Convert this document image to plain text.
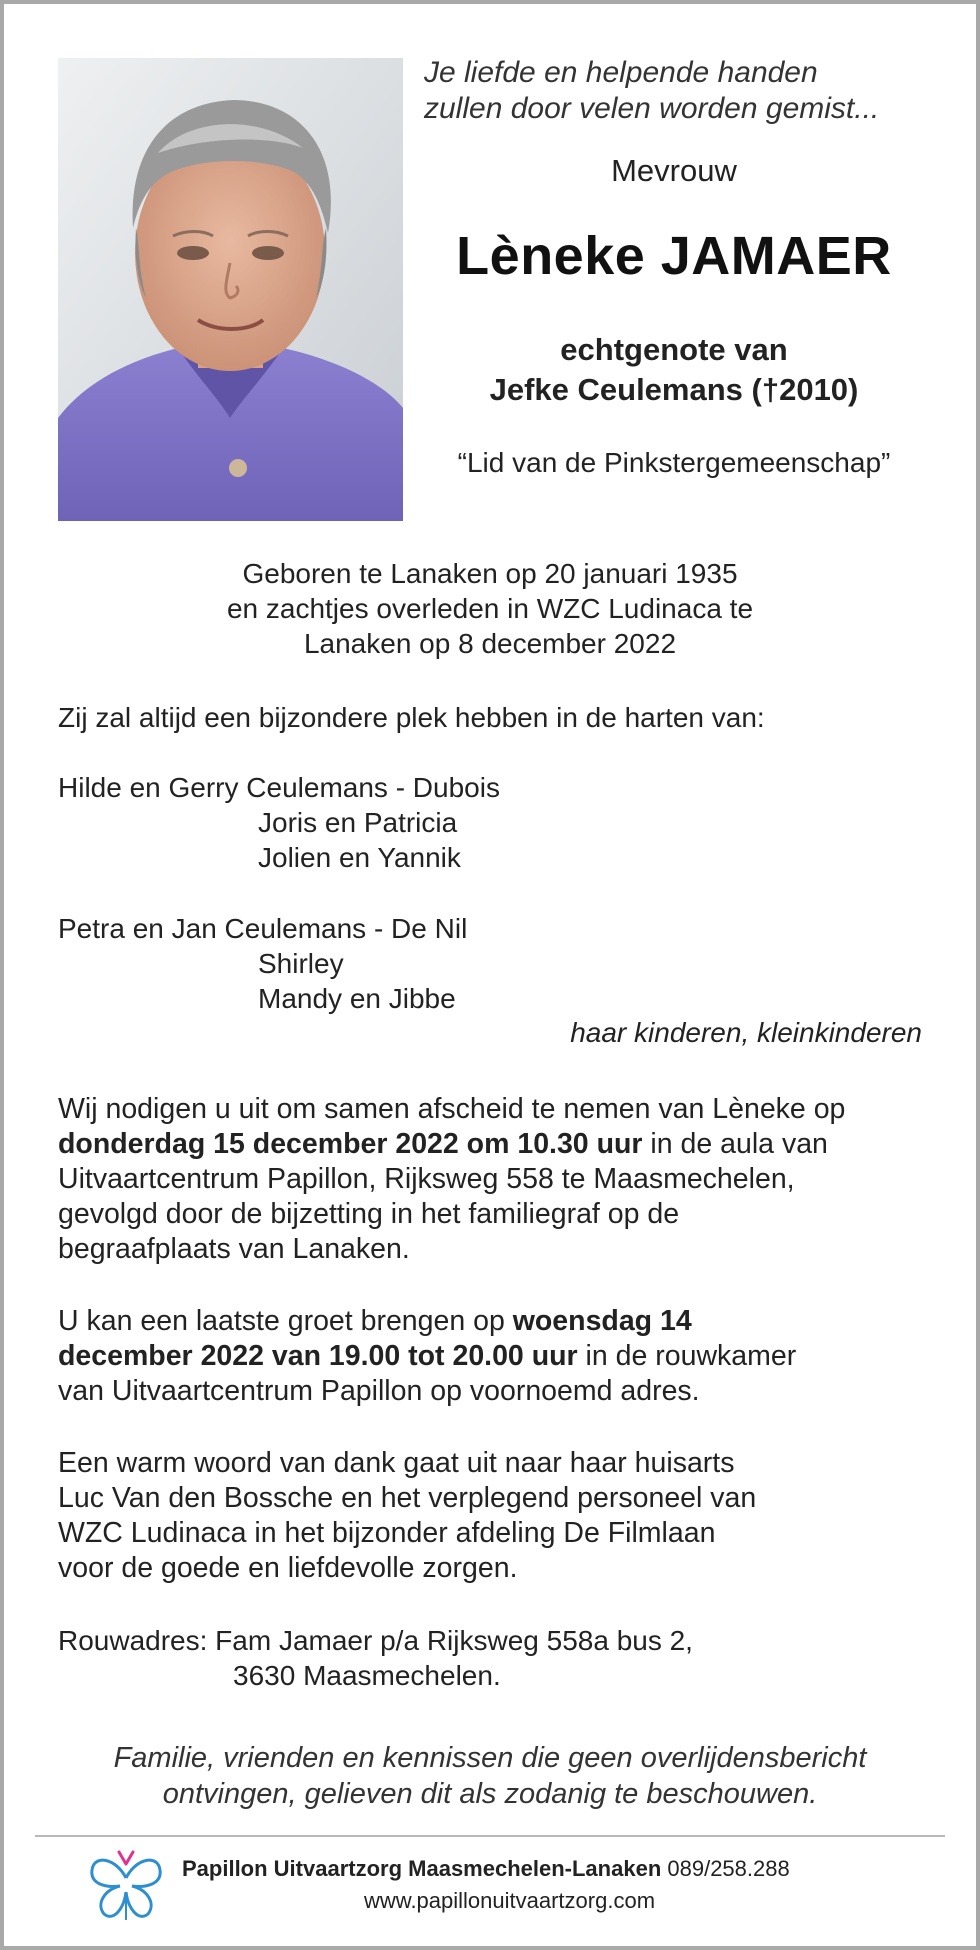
Je liefde en helpende handen
zullen door velen worden gemist...
Mevrouw
Lèneke JAMAER
echtgenote van
Jefke Ceulemans (†2010)
“Lid van de Pinkstergemeenschap”
Geboren te Lanaken op 20 januari 1935
en zachtjes overleden in WZC Ludinaca te
Lanaken op 8 december 2022
Zij zal altijd een bijzondere plek hebben in de harten van:
Hilde en Gerry Ceulemans - Dubois
Joris en Patricia
Jolien en Yannik
Petra en Jan Ceulemans - De Nil
Shirley
Mandy en Jibbe
haar kinderen, kleinkinderen
Wij nodigen u uit om samen afscheid te nemen van Lèneke op
donderdag 15 december 2022 om 10.30 uur in de aula van
Uitvaartcentrum Papillon, Rijksweg 558 te Maasmechelen,
gevolgd door de bijzetting in het familiegraf op de
begraafplaats van Lanaken.
U kan een laatste groet brengen op woensdag 14
december 2022 van 19.00 tot 20.00 uur in de rouwkamer
van Uitvaartcentrum Papillon op voornoemd adres.
Een warm woord van dank gaat uit naar haar huisarts
Luc Van den Bossche en het verplegend personeel van
WZC Ludinaca in het bijzonder afdeling De Filmlaan
voor de goede en liefdevolle zorgen.
Rouwadres: Fam Jamaer p/a Rijksweg 558a bus 2,
3630 Maasmechelen.
Familie, vrienden en kennissen die geen overlijdensbericht
ontvingen, gelieven dit als zodanig te beschouwen.
Papillon Uitvaartzorg Maasmechelen-Lanaken 089/258.288
www.papillonuitvaartzorg.com
